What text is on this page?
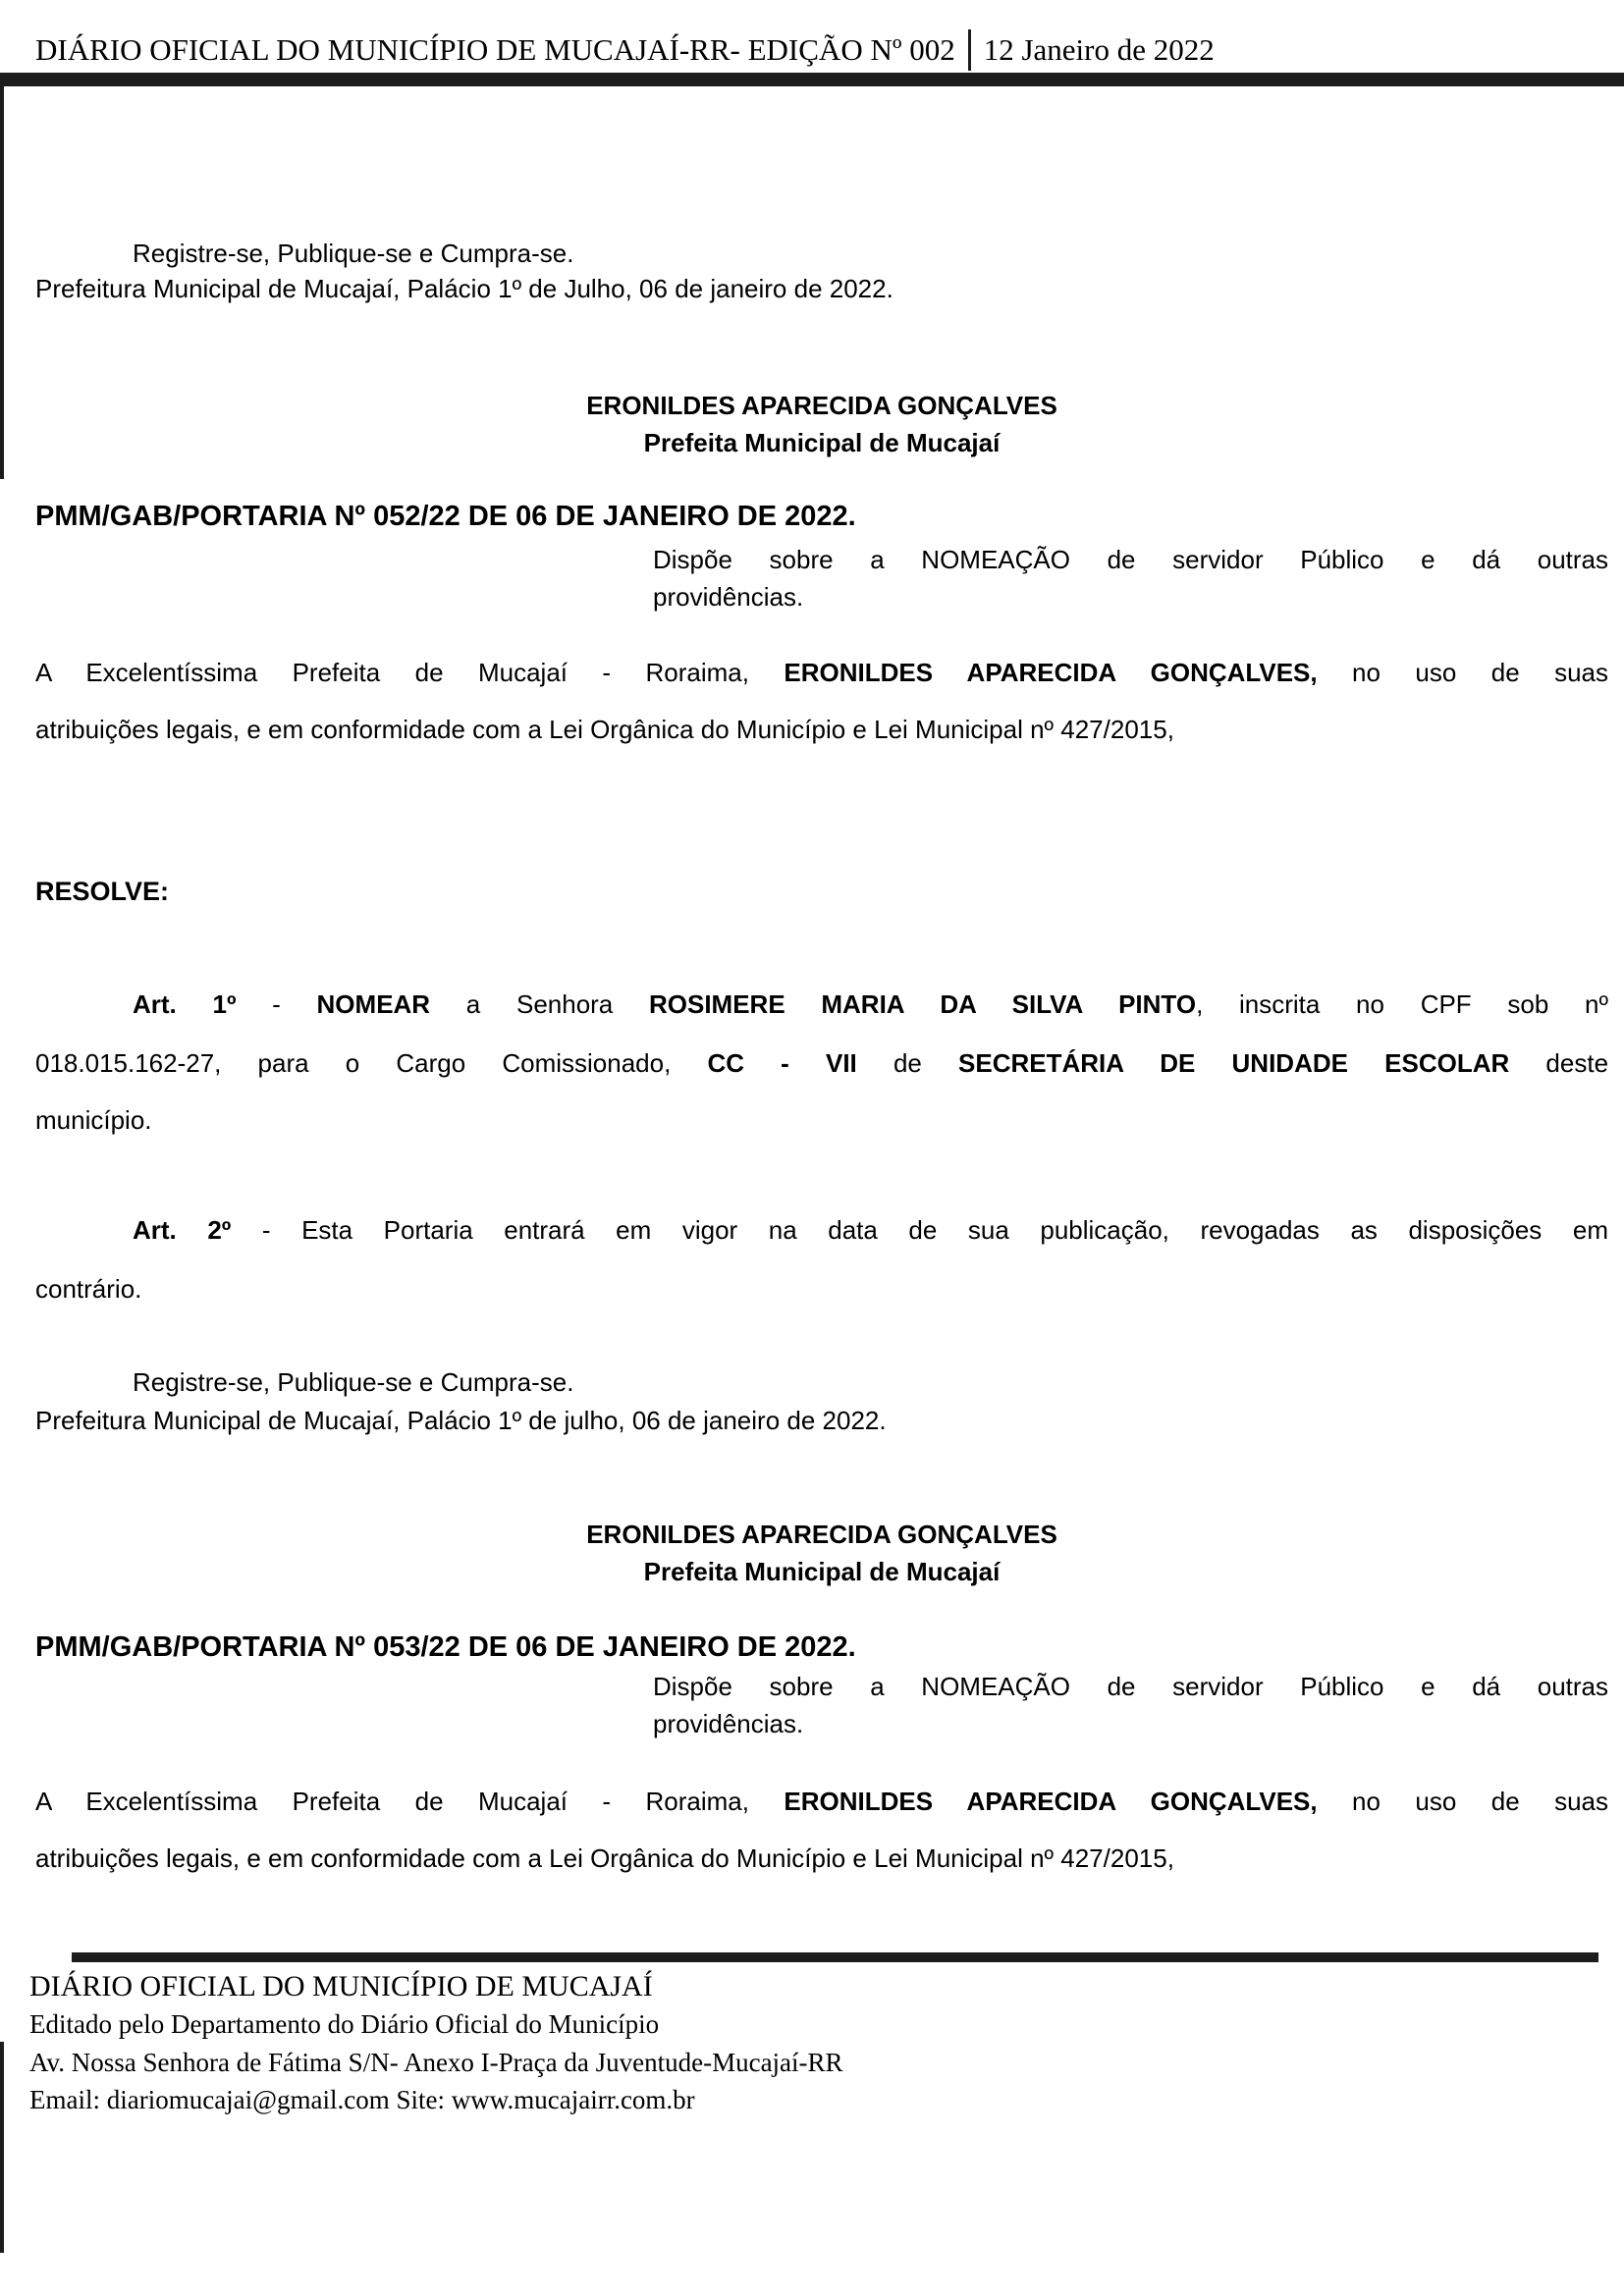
DIÁRIO OFICIAL DO MUNICÍPIO DE MUCAJAÍ-RR- EDIÇÃO Nº 002 12 Janeiro de 2022
Registre-se, Publique-se e Cumpra-se.
Prefeitura Municipal de Mucajaí, Palácio 1º de Julho, 06 de janeiro de 2022.
ERONILDES APARECIDA GONÇALVES
Prefeita Municipal de Mucajaí
PMM/GAB/PORTARIA Nº 052/22 DE 06 DE JANEIRO DE 2022.
Dispõe sobre a NOMEAÇÃO de servidor Público e dá outras
providências.
A Excelentíssima Prefeita de Mucajaí - Roraima, ERONILDES APARECIDA GONÇALVES, no uso de suas
atribuições legais, e em conformidade com a Lei Orgânica do Município e Lei Municipal nº 427/2015,
RESOLVE:
Art. 1º - NOMEAR a Senhora ROSIMERE MARIA DA SILVA PINTO, inscrita no CPF sob nº
018.015.162-27, para o Cargo Comissionado, CC - VII de SECRETÁRIA DE UNIDADE ESCOLAR deste
município.
Art. 2º - Esta Portaria entrará em vigor na data de sua publicação, revogadas as disposições em
contrário.
Registre-se, Publique-se e Cumpra-se.
Prefeitura Municipal de Mucajaí, Palácio 1º de julho, 06 de janeiro de 2022.
ERONILDES APARECIDA GONÇALVES
Prefeita Municipal de Mucajaí
PMM/GAB/PORTARIA Nº 053/22 DE 06 DE JANEIRO DE 2022.
Dispõe sobre a NOMEAÇÃO de servidor Público e dá outras
providências.
A Excelentíssima Prefeita de Mucajaí - Roraima, ERONILDES APARECIDA GONÇALVES, no uso de suas
atribuições legais, e em conformidade com a Lei Orgânica do Município e Lei Municipal nº 427/2015,
DIÁRIO OFICIAL DO MUNICÍPIO DE MUCAJAÍ
Editado pelo Departamento do Diário Oficial do Município
Av. Nossa Senhora de Fátima S/N- Anexo I-Praça da Juventude-Mucajaí-RR
Email: diariomucajai@gmail.com Site: www.mucajairr.com.br
